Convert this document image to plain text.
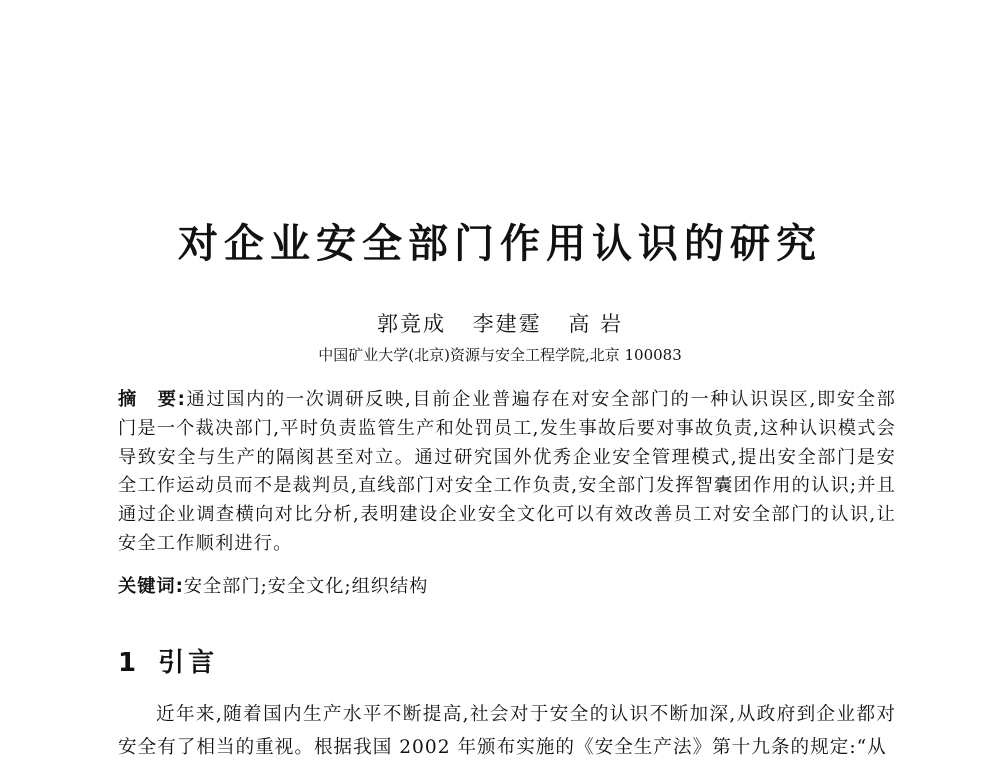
对企业安全部门作用认识的研究
郭竟成 李建霆 高 岩
中国矿业大学(北京)资源与安全工程学院,北京 100083
摘　要:通过国内的一次调研反映,目前企业普遍存在对安全部门的一种认识误区,即安全部门是一个裁决部门,平时负责监管生产和处罚员工,发生事故后要对事故负责,这种认识模式会导致安全与生产的隔阂甚至对立。通过研究国外优秀企业安全管理模式,提出安全部门是安全工作运动员而不是裁判员,直线部门对安全工作负责,安全部门发挥智囊团作用的认识;并且通过企业调查横向对比分析,表明建设企业安全文化可以有效改善员工对安全部门的认识,让安全工作顺利进行。
关键词:安全部门;安全文化;组织结构
1 引言

近年来,随着国内生产水平不断提高,社会对于安全的认识不断加深,从政府到企业都对安全有了相当的重视。根据我国 2002 年颁布实施的《安全生产法》第十九条的规定:“从
